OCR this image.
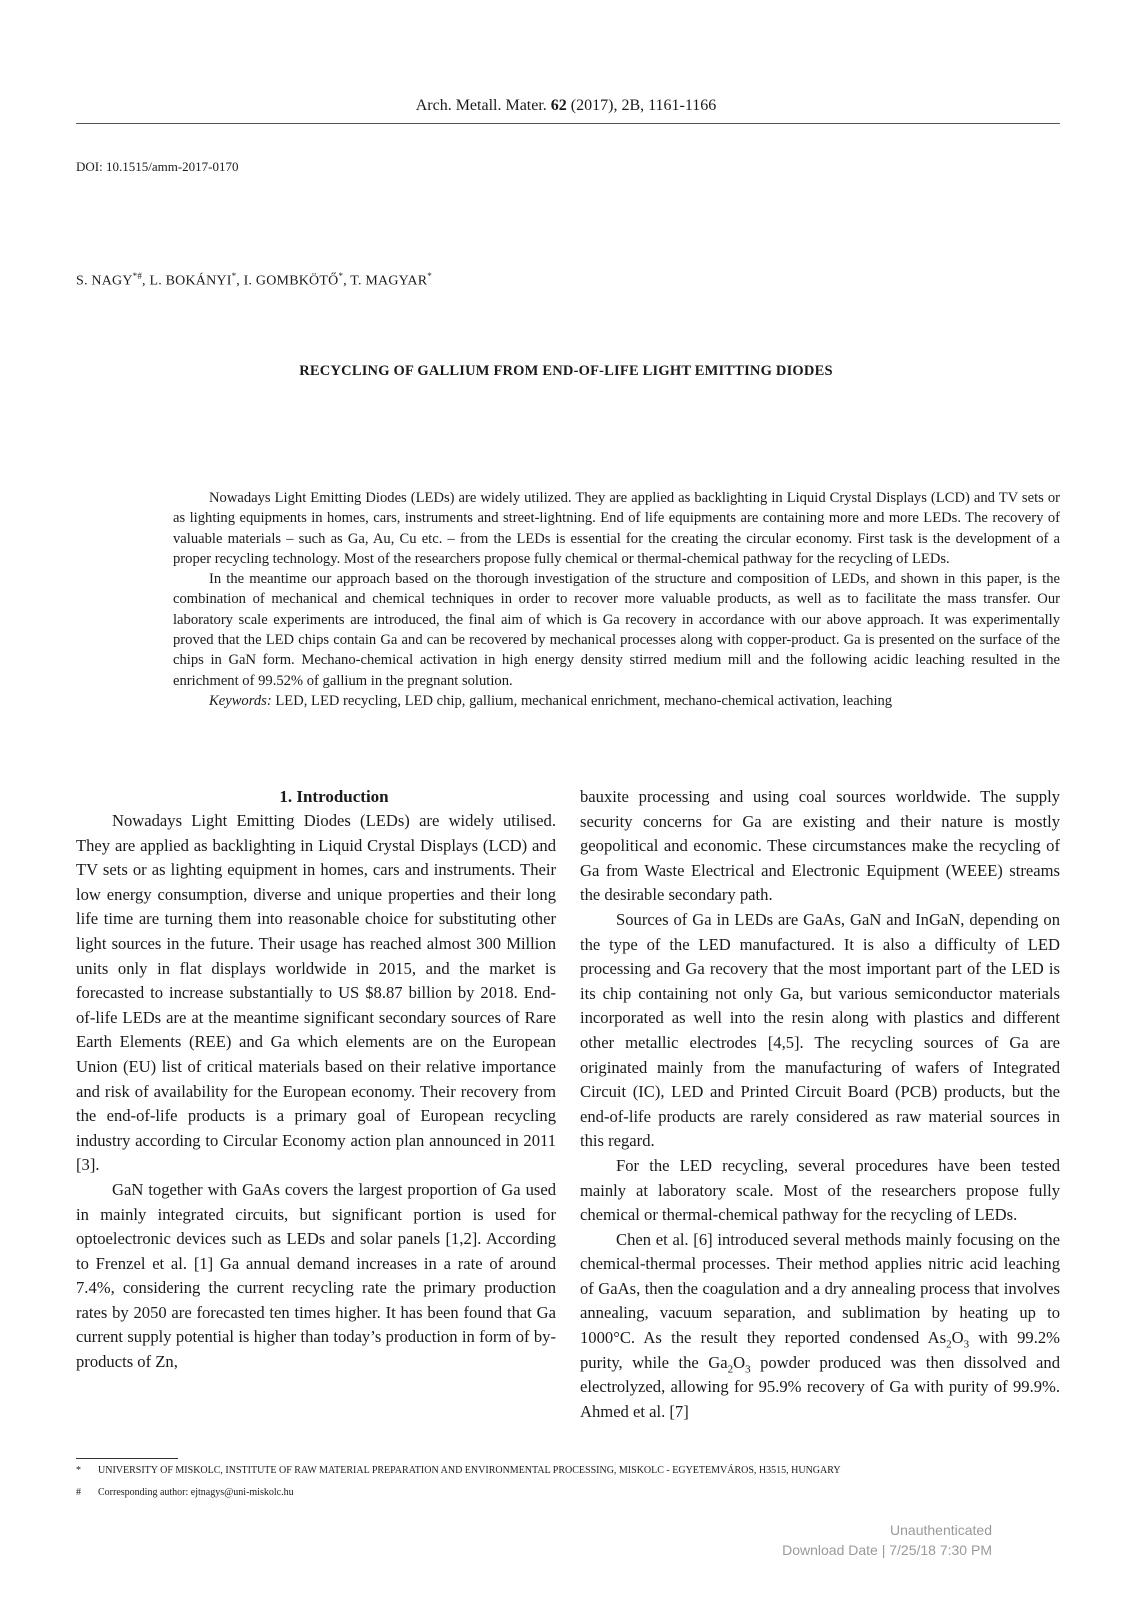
Arch. Metall. Mater. 62 (2017), 2B, 1161-1166
DOI: 10.1515/amm-2017-0170
S. NAGY*#, L. BOKÁNYI*, I. GOMBKÖTŐ*, T. MAGYAR*
RECYCLING OF GALLIUM FROM END-OF-LIFE LIGHT EMITTING DIODES

Nowadays Light Emitting Diodes (LEDs) are widely utilized. They are applied as backlighting in Liquid Crystal Displays (LCD) and TV sets or as lighting equipments in homes, cars, instruments and street-lightning. End of life equipments are containing more and more LEDs. The recovery of valuable materials – such as Ga, Au, Cu etc. – from the LEDs is essential for the creating the circular economy. First task is the development of a proper recycling technology. Most of the researchers propose fully chemical or thermal-chemical pathway for the recycling of LEDs.

In the meantime our approach based on the thorough investigation of the structure and composition of LEDs, and shown in this paper, is the combination of mechanical and chemical techniques in order to recover more valuable products, as well as to facilitate the mass transfer. Our laboratory scale experiments are introduced, the final aim of which is Ga recovery in accordance with our above approach. It was experimentally proved that the LED chips contain Ga and can be recovered by mechanical processes along with copper-product. Ga is presented on the surface of the chips in GaN form. Mechano-chemical activation in high energy density stirred medium mill and the following acidic leaching resulted in the enrichment of 99.52% of gallium in the pregnant solution.

Keywords: LED, LED recycling, LED chip, gallium, mechanical enrichment, mechano-chemical activation, leaching

1. Introduction

Nowadays Light Emitting Diodes (LEDs) are widely utilised. They are applied as backlighting in Liquid Crystal Displays (LCD) and TV sets or as lighting equipment in homes, cars and instruments. Their low energy consumption, diverse and unique properties and their long life time are turning them into reasonable choice for substituting other light sources in the future. Their usage has reached almost 300 Million units only in flat displays worldwide in 2015, and the market is forecasted to increase substantially to US $8.87 billion by 2018. End-of-life LEDs are at the meantime significant secondary sources of Rare Earth Elements (REE) and Ga which elements are on the European Union (EU) list of critical materials based on their relative importance and risk of availability for the European economy. Their recovery from the end-of-life products is a primary goal of European recycling industry according to Circular Economy action plan announced in 2011 [3].

GaN together with GaAs covers the largest proportion of Ga used in mainly integrated circuits, but significant portion is used for optoelectronic devices such as LEDs and solar panels [1,2]. According to Frenzel et al. [1] Ga annual demand increases in a rate of around 7.4%, considering the current recycling rate the primary production rates by 2050 are forecasted ten times higher. It has been found that Ga current supply potential is higher than today’s production in form of by-products of Zn,

bauxite processing and using coal sources worldwide. The supply security concerns for Ga are existing and their nature is mostly geopolitical and economic. These circumstances make the recycling of Ga from Waste Electrical and Electronic Equipment (WEEE) streams the desirable secondary path.

Sources of Ga in LEDs are GaAs, GaN and InGaN, depending on the type of the LED manufactured. It is also a difficulty of LED processing and Ga recovery that the most important part of the LED is its chip containing not only Ga, but various semiconductor materials incorporated as well into the resin along with plastics and different other metallic electrodes [4,5]. The recycling sources of Ga are originated mainly from the manufacturing of wafers of Integrated Circuit (IC), LED and Printed Circuit Board (PCB) products, but the end-of-life products are rarely considered as raw material sources in this regard.

For the LED recycling, several procedures have been tested mainly at laboratory scale. Most of the researchers propose fully chemical or thermal-chemical pathway for the recycling of LEDs.

Chen et al. [6] introduced several methods mainly focusing on the chemical-thermal processes. Their method applies nitric acid leaching of GaAs, then the coagulation and a dry annealing process that involves annealing, vacuum separation, and sublimation by heating up to 1000°C. As the result they reported condensed $As_2O_3$ with 99.2% purity, while the $Ga_2O_3$ powder produced was then dissolved and electrolyzed, allowing for 95.9% recovery of Ga with purity of 99.9%. Ahmed et al. [7]

* UNIVERSITY OF MISKOLC, INSTITUTE OF RAW MATERIAL PREPARATION AND ENVIRONMENTAL PROCESSING, MISKOLC - EGYETEMVÁROS, H3515, HUNGARY
# Corresponding author: ejtnagys@uni-miskolc.hu
Unauthenticated
Download Date | 7/25/18 7:30 PM
